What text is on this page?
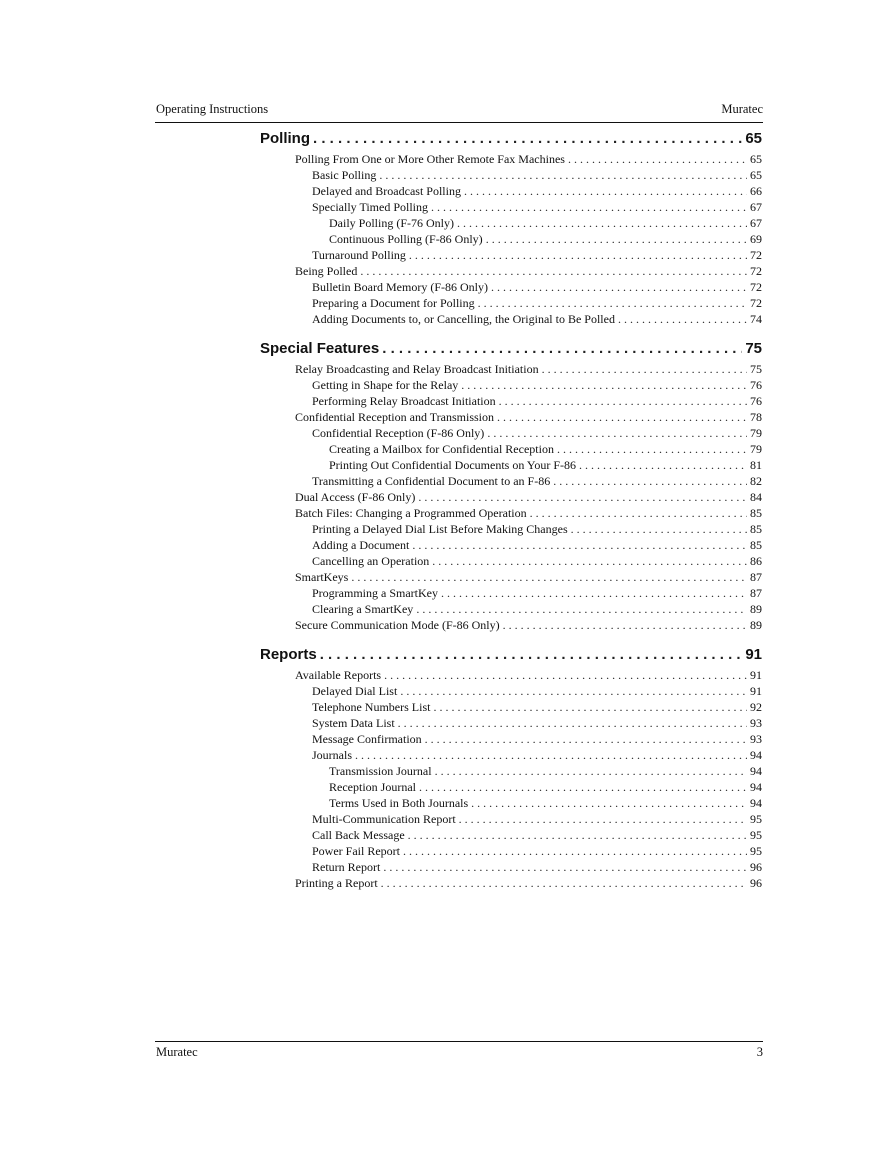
Operating Instructions	Muratec
Polling . . .	65
Polling From One or More Other Remote Fax Machines . . .	65
Basic Polling . . .	65
Delayed and Broadcast Polling . . .	66
Specially Timed Polling . . .	67
Daily Polling (F-76 Only) . . .	67
Continuous Polling (F-86 Only) . . .	69
Turnaround Polling . . .	72
Being Polled . . .	72
Bulletin Board Memory (F-86 Only) . . .	72
Preparing a Document for Polling . . .	72
Adding Documents to, or Cancelling, the Original to Be Polled . . .	74
Special Features . . .	75
Relay Broadcasting and Relay Broadcast Initiation . . .	75
Getting in Shape for the Relay . . .	76
Performing Relay Broadcast Initiation . . .	76
Confidential Reception and Transmission . . .	78
Confidential Reception (F-86 Only) . . .	79
Creating a Mailbox for Confidential Reception . . .	79
Printing Out Confidential Documents on Your F-86 . . .	81
Transmitting a Confidential Document to an F-86 . . .	82
Dual Access (F-86 Only) . . .	84
Batch Files: Changing a Programmed Operation . . .	85
Printing a Delayed Dial List Before Making Changes . . .	85
Adding a Document . . .	85
Cancelling an Operation . . .	86
SmartKeys . . .	87
Programming a SmartKey . . .	87
Clearing a SmartKey . . .	89
Secure Communication Mode (F-86 Only) . . .	89
Reports . . .	91
Available Reports . . .	91
Delayed Dial List . . .	91
Telephone Numbers List . . .	92
System Data List . . .	93
Message Confirmation . . .	93
Journals . . .	94
Transmission Journal . . .	94
Reception Journal . . .	94
Terms Used in Both Journals . . .	94
Multi-Communication Report . . .	95
Call Back Message . . .	95
Power Fail Report . . .	95
Return Report . . .	96
Printing a Report . . .	96
Muratec	3
